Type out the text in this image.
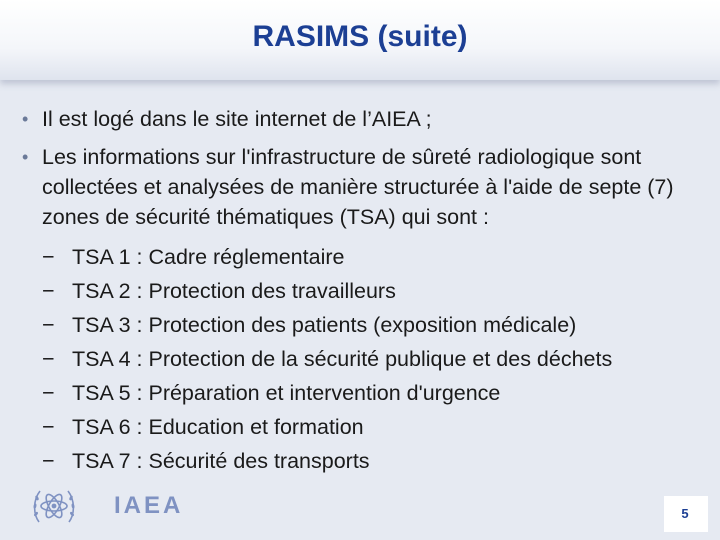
RASIMS (suite)
• Il est logé dans le site internet de l’AIEA ;
• Les informations sur l'infrastructure de sûreté radiologique sont collectées et analysées de manière structurée à l'aide de septe (7) zones de sécurité thématiques (TSA) qui sont :
− TSA 1 : Cadre réglementaire
− TSA 2 : Protection des travailleurs
− TSA 3 : Protection des patients (exposition médicale)
− TSA 4 : Protection de la sécurité publique et des déchets
− TSA 5 : Préparation et intervention d'urgence
− TSA 6 : Education et formation
− TSA 7 : Sécurité des transports
IAEA	5
